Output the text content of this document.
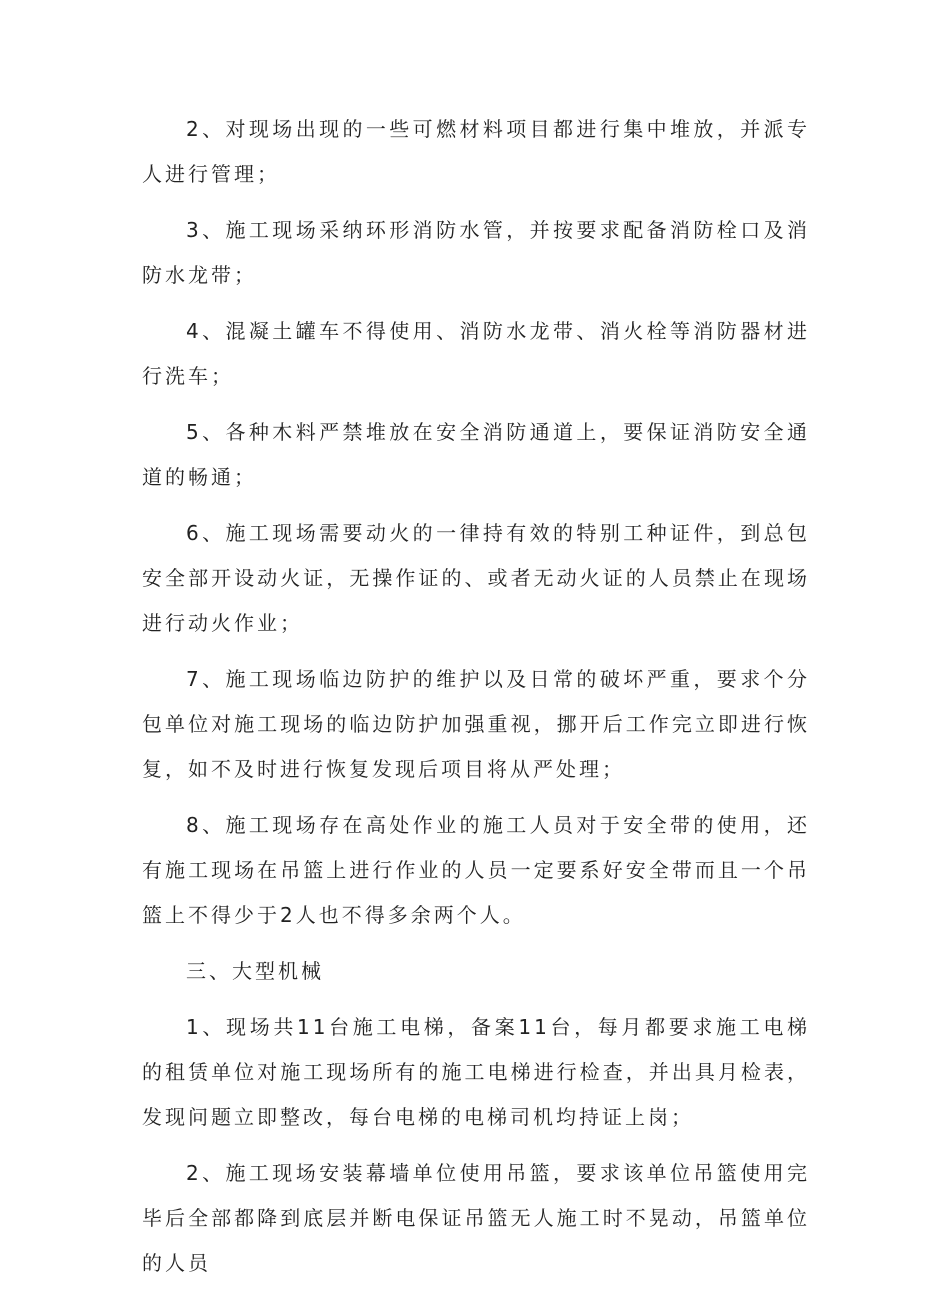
2、对现场出现的一些可燃材料项目都进行集中堆放，并派专人进行管理；

3、施工现场采纳环形消防水管，并按要求配备消防栓口及消防水龙带；

4、混凝土罐车不得使用、消防水龙带、消火栓等消防器材进行洗车；

5、各种木料严禁堆放在安全消防通道上，要保证消防安全通道的畅通；

6、施工现场需要动火的一律持有效的特别工种证件，到总包安全部开设动火证，无操作证的、或者无动火证的人员禁止在现场进行动火作业；

7、施工现场临边防护的维护以及日常的破坏严重，要求个分包单位对施工现场的临边防护加强重视，挪开后工作完立即进行恢复，如不及时进行恢复发现后项目将从严处理；

8、施工现场存在高处作业的施工人员对于安全带的使用，还有施工现场在吊篮上进行作业的人员一定要系好安全带而且一个吊篮上不得少于2人也不得多余两个人。

三、大型机械

1、现场共11台施工电梯，备案11台，每月都要求施工电梯的租赁单位对施工现场所有的施工电梯进行检查，并出具月检表，发现问题立即整改，每台电梯的电梯司机均持证上岗；

2、施工现场安装幕墙单位使用吊篮，要求该单位吊篮使用完毕后全部都降到底层并断电保证吊篮无人施工时不晃动，吊篮单位的人员
